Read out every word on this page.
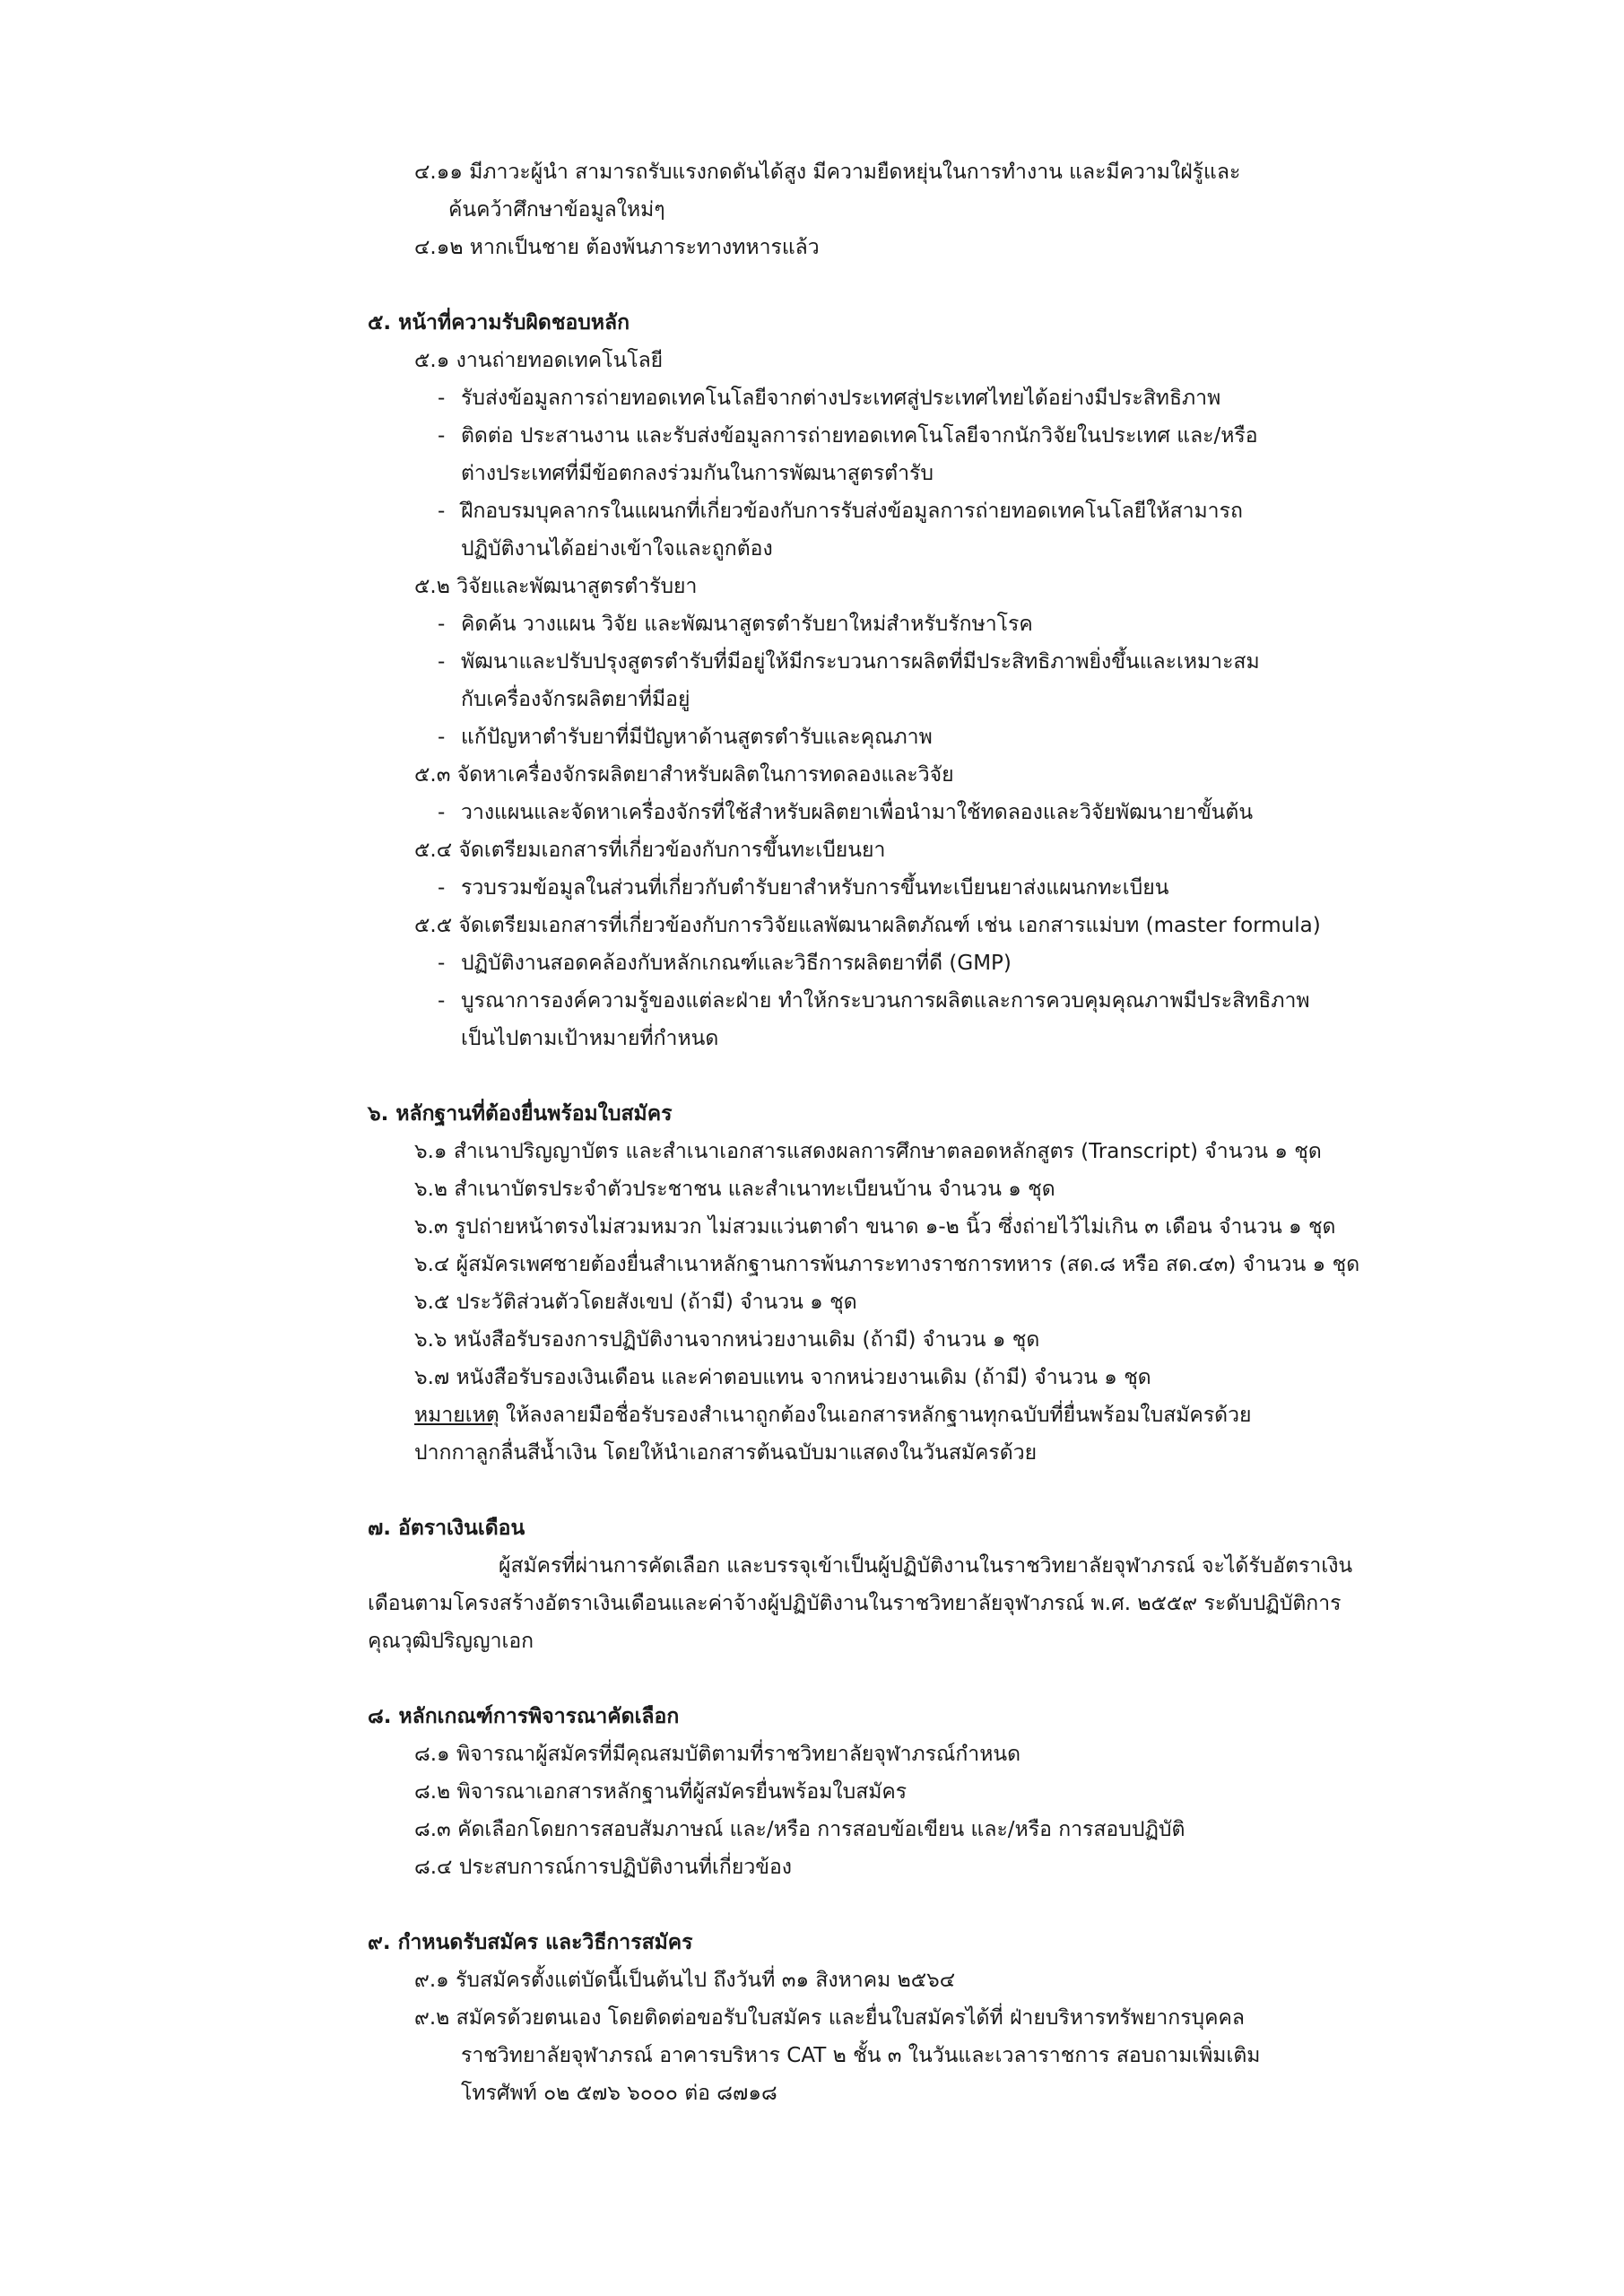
๔.๑๑ มีภาวะผู้นำ สามารถรับแรงกดดันได้สูง มีความยืดหยุ่นในการทำงาน และมีความใฝ่รู้และ
ค้นคว้าศึกษาข้อมูลใหม่ๆ
๔.๑๒ หากเป็นชาย ต้องพ้นภาระทางทหารแล้ว
๕. หน้าที่ความรับผิดชอบหลัก
๕.๑ งานถ่ายทอดเทคโนโลยี
- รับส่งข้อมูลการถ่ายทอดเทคโนโลยีจากต่างประเทศสู่ประเทศไทยได้อย่างมีประสิทธิภาพ
- ติดต่อ ประสานงาน และรับส่งข้อมูลการถ่ายทอดเทคโนโลยีจากนักวิจัยในประเทศ และ/หรือ
ต่างประเทศที่มีข้อตกลงร่วมกันในการพัฒนาสูตรตำรับ
- ฝึกอบรมบุคลากรในแผนกที่เกี่ยวข้องกับการรับส่งข้อมูลการถ่ายทอดเทคโนโลยีให้สามารถ
ปฏิบัติงานได้อย่างเข้าใจและถูกต้อง
๕.๒ วิจัยและพัฒนาสูตรตำรับยา
- คิดค้น วางแผน วิจัย และพัฒนาสูตรตำรับยาใหม่สำหรับรักษาโรค
- พัฒนาและปรับปรุงสูตรตำรับที่มีอยู่ให้มีกระบวนการผลิตที่มีประสิทธิภาพยิ่งขึ้นและเหมาะสม
กับเครื่องจักรผลิตยาที่มีอยู่
- แก้ปัญหาตำรับยาที่มีปัญหาด้านสูตรตำรับและคุณภาพ
๕.๓ จัดหาเครื่องจักรผลิตยาสำหรับผลิตในการทดลองและวิจัย
- วางแผนและจัดหาเครื่องจักรที่ใช้สำหรับผลิตยาเพื่อนำมาใช้ทดลองและวิจัยพัฒนายาขั้นต้น
๕.๔ จัดเตรียมเอกสารที่เกี่ยวข้องกับการขึ้นทะเบียนยา
- รวบรวมข้อมูลในส่วนที่เกี่ยวกับตำรับยาสำหรับการขึ้นทะเบียนยาส่งแผนกทะเบียน
๕.๕ จัดเตรียมเอกสารที่เกี่ยวข้องกับการวิจัยแลพัฒนาผลิตภัณฑ์ เช่น เอกสารแม่บท (master formula)
- ปฏิบัติงานสอดคล้องกับหลักเกณฑ์และวิธีการผลิตยาที่ดี (GMP)
- บูรณาการองค์ความรู้ของแต่ละฝ่าย ทำให้กระบวนการผลิตและการควบคุมคุณภาพมีประสิทธิภาพ
เป็นไปตามเป้าหมายที่กำหนด
๖. หลักฐานที่ต้องยื่นพร้อมใบสมัคร
๖.๑ สำเนาปริญญาบัตร และสำเนาเอกสารแสดงผลการศึกษาตลอดหลักสูตร (Transcript) จำนวน ๑ ชุด
๖.๒ สำเนาบัตรประจำตัวประชาชน และสำเนาทะเบียนบ้าน จำนวน ๑ ชุด
๖.๓ รูปถ่ายหน้าตรงไม่สวมหมวก ไม่สวมแว่นตาดำ ขนาด ๑-๒ นิ้ว ซึ่งถ่ายไว้ไม่เกิน ๓ เดือน จำนวน ๑ ชุด
๖.๔ ผู้สมัครเพศชายต้องยื่นสำเนาหลักฐานการพ้นภาระทางราชการทหาร (สด.๘ หรือ สด.๔๓) จำนวน ๑ ชุด
๖.๕ ประวัติส่วนตัวโดยสังเขป (ถ้ามี) จำนวน ๑ ชุด
๖.๖ หนังสือรับรองการปฏิบัติงานจากหน่วยงานเดิม (ถ้ามี) จำนวน ๑ ชุด
๖.๗ หนังสือรับรองเงินเดือน และค่าตอบแทน จากหน่วยงานเดิม (ถ้ามี) จำนวน ๑ ชุด
หมายเหตุ ให้ลงลายมือชื่อรับรองสำเนาถูกต้องในเอกสารหลักฐานทุกฉบับที่ยื่นพร้อมใบสมัครด้วย
ปากกาลูกลื่นสีน้ำเงิน โดยให้นำเอกสารต้นฉบับมาแสดงในวันสมัครด้วย
๗. อัตราเงินเดือน
ผู้สมัครที่ผ่านการคัดเลือก และบรรจุเข้าเป็นผู้ปฏิบัติงานในราชวิทยาลัยจุฬาภรณ์ จะได้รับอัตราเงิน
เดือนตามโครงสร้างอัตราเงินเดือนและค่าจ้างผู้ปฏิบัติงานในราชวิทยาลัยจุฬาภรณ์ พ.ศ. ๒๕๕๙ ระดับปฏิบัติการ
คุณวุฒิปริญญาเอก
๘. หลักเกณฑ์การพิจารณาคัดเลือก
๘.๑ พิจารณาผู้สมัครที่มีคุณสมบัติตามที่ราชวิทยาลัยจุฬาภรณ์กำหนด
๘.๒ พิจารณาเอกสารหลักฐานที่ผู้สมัครยื่นพร้อมใบสมัคร
๘.๓ คัดเลือกโดยการสอบสัมภาษณ์ และ/หรือ การสอบข้อเขียน และ/หรือ การสอบปฏิบัติ
๘.๔ ประสบการณ์การปฏิบัติงานที่เกี่ยวข้อง
๙. กำหนดรับสมัคร และวิธีการสมัคร
๙.๑ รับสมัครตั้งแต่บัดนี้เป็นต้นไป ถึงวันที่ ๓๑ สิงหาคม ๒๕๖๔
๙.๒ สมัครด้วยตนเอง โดยติดต่อขอรับใบสมัคร และยื่นใบสมัครได้ที่ ฝ่ายบริหารทรัพยากรบุคคล
ราชวิทยาลัยจุฬาภรณ์ อาคารบริหาร CAT ๒ ชั้น ๓ ในวันและเวลาราชการ สอบถามเพิ่มเติม
โทรศัพท์ ๐๒ ๕๗๖ ๖๐๐๐ ต่อ ๘๗๑๘
